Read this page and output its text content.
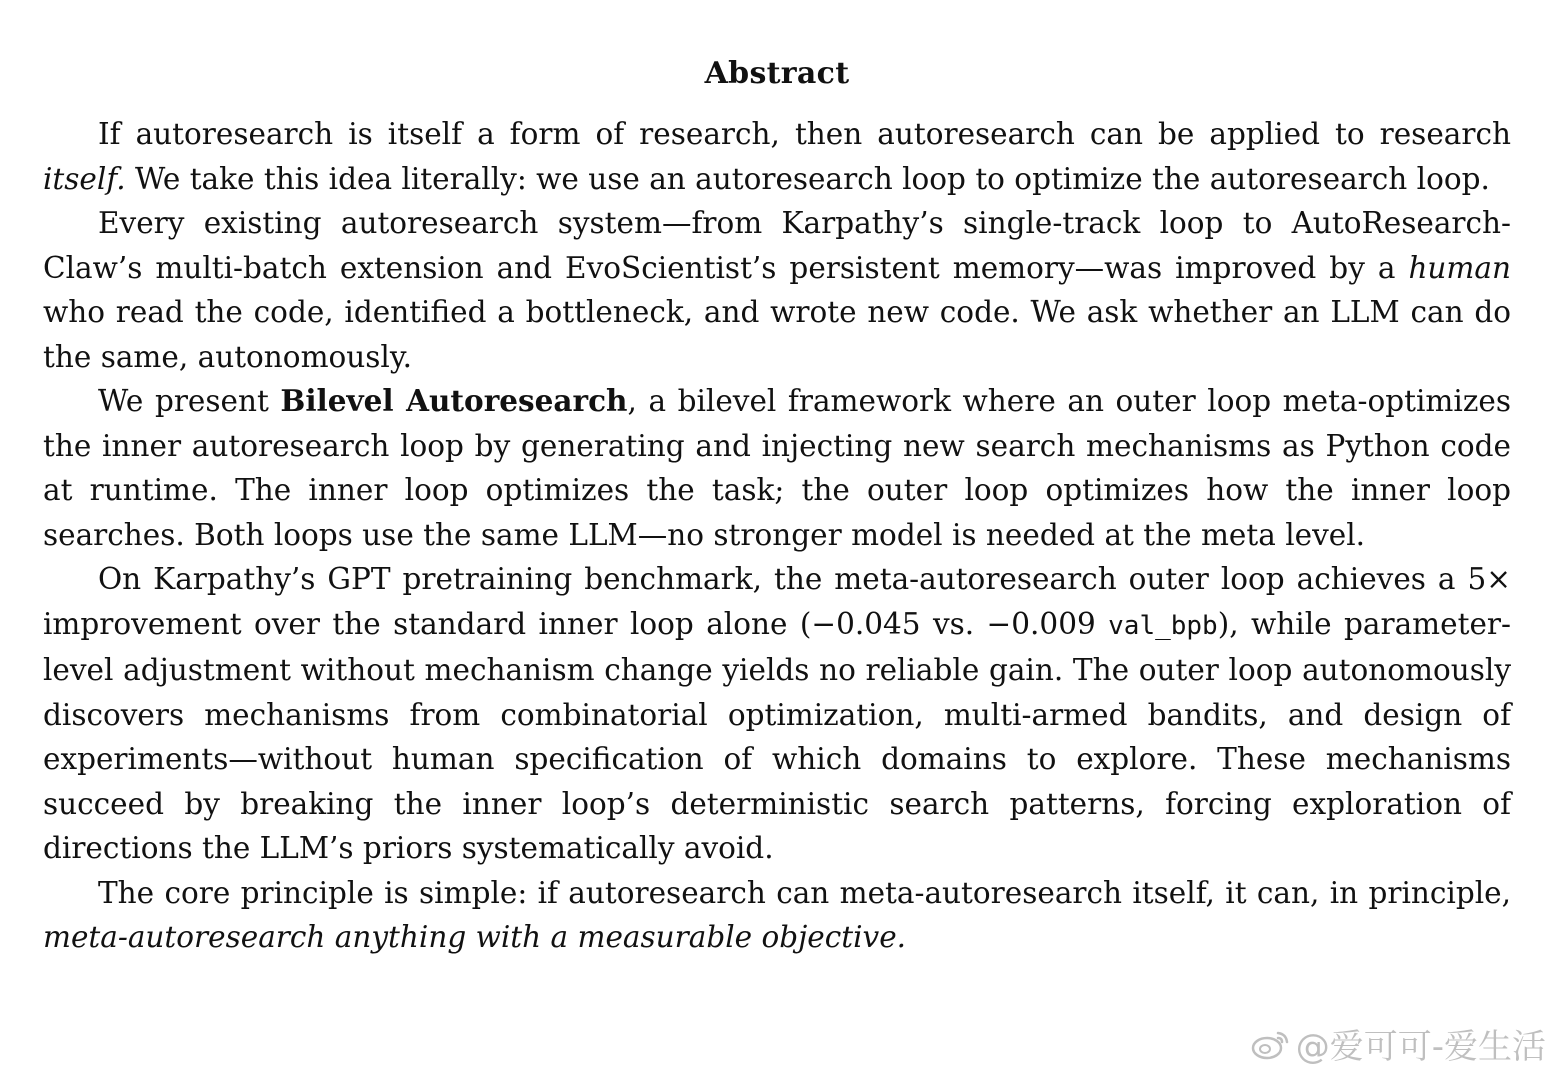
Abstract

If autoresearch is itself a form of research, then autoresearch can be applied to research itself. We take this idea literally: we use an autoresearch loop to optimize the autoresearch loop.

Every existing autoresearch system—from Karpathy’s single-track loop to AutoResearch-Claw’s multi-batch extension and EvoScientist’s persistent memory—was improved by a human who read the code, identified a bottleneck, and wrote new code. We ask whether an LLM can do the same, autonomously.

We present Bilevel Autoresearch, a bilevel framework where an outer loop meta-optimizes the inner autoresearch loop by generating and injecting new search mechanisms as Python code at runtime. The inner loop optimizes the task; the outer loop optimizes how the inner loop searches. Both loops use the same LLM—no stronger model is needed at the meta level.

On Karpathy’s GPT pretraining benchmark, the meta-autoresearch outer loop achieves a 5× improvement over the standard inner loop alone (−0.045 vs. −0.009 val_bpb), while parameter-level adjustment without mechanism change yields no reliable gain. The outer loop autonomously discovers mechanisms from combinatorial optimization, multi-armed bandits, and design of experiments—without human specification of which domains to explore. These mechanisms succeed by breaking the inner loop’s deterministic search patterns, forcing exploration of directions the LLM’s priors systematically avoid.

The core principle is simple: if autoresearch can meta-autoresearch itself, it can, in principle, meta-autoresearch anything with a measurable objective.

@爱可可-爱生活
